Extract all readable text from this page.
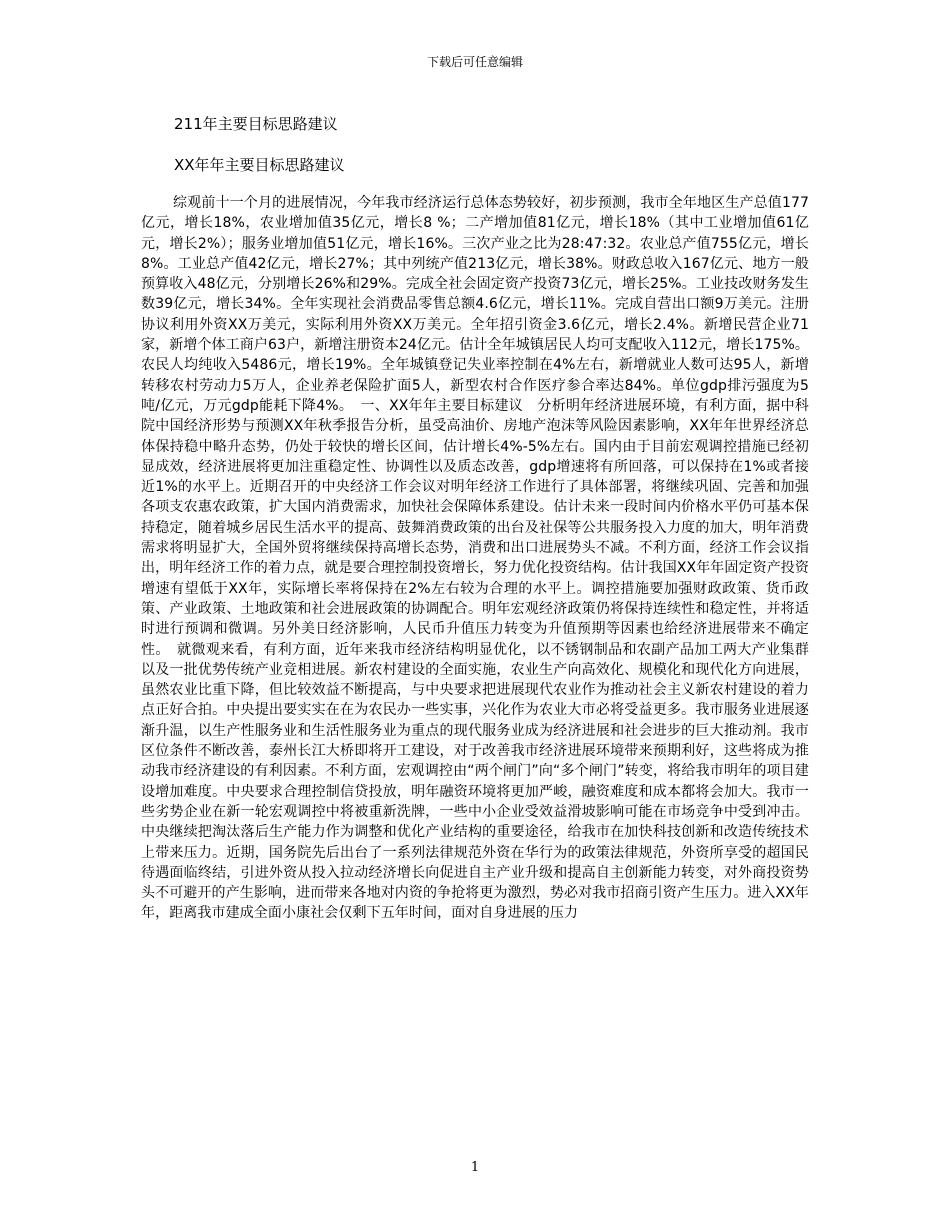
下载后可任意编辑
211年主要目标思路建议
XX年年主要目标思路建议

综观前十一个月的进展情况，今年我市经济运行总体态势较好，初步预测，我市全年地区生产总值177亿元，增长18%，农业增加值35亿元，增长8 %；二产增加值81亿元，增长18%（其中工业增加值61亿元，增长2%）；服务业增加值51亿元，增长16%。三次产业之比为28:47:32。农业总产值755亿元，增长8%。工业总产值42亿元，增长27%；其中列统产值213亿元，增长38%。财政总收入167亿元、地方一般预算收入48亿元，分别增长26%和29%。完成全社会固定资产投资73亿元，增长25%。工业技改财务发生数39亿元，增长34%。全年实现社会消费品零售总额4.6亿元，增长11%。完成自营出口额9万美元。注册协议利用外资XX万美元，实际利用外资XX万美元。全年招引资金3.6亿元，增长2.4%。新增民营企业71家，新增个体工商户63户，新增注册资本24亿元。估计全年城镇居民人均可支配收入112元，增长175%。农民人均纯收入5486元，增长19%。全年城镇登记失业率控制在4%左右，新增就业人数可达95人，新增转移农村劳动力5万人，企业养老保险扩面5人，新型农村合作医疗参合率达84%。单位gdp排污强度为5吨/亿元，万元gdp能耗下降4%。　一、XX年年主要目标建议　分析明年经济进展环境，有利方面，据中科院中国经济形势与预测XX年秋季报告分析，虽受高油价、房地产泡沫等风险因素影响，XX年年世界经济总体保持稳中略升态势，仍处于较快的增长区间，估计增长4%-5%左右。国内由于目前宏观调控措施已经初显成效，经济进展将更加注重稳定性、协调性以及质态改善，gdp增速将有所回落，可以保持在1%或者接近1%的水平上。近期召开的中央经济工作会议对明年经济工作进行了具体部署，将继续巩固、完善和加强各项支农惠农政策，扩大国内消费需求，加快社会保障体系建设。估计未来一段时间内价格水平仍可基本保持稳定，随着城乡居民生活水平的提高、鼓舞消费政策的出台及社保等公共服务投入力度的加大，明年消费需求将明显扩大，全国外贸将继续保持高增长态势，消费和出口进展势头不减。不利方面，经济工作会议指出，明年经济工作的着力点，就是要合理控制投资增长，努力优化投资结构。估计我国XX年年固定资产投资增速有望低于XX年，实际增长率将保持在2%左右较为合理的水平上。调控措施要加强财政政策、货币政策、产业政策、土地政策和社会进展政策的协调配合。明年宏观经济政策仍将保持连续性和稳定性，并将适时进行预调和微调。另外美日经济影响，人民币升值压力转变为升值预期等因素也给经济进展带来不确定性。　就微观来看，有利方面，近年来我市经济结构明显优化，以不锈钢制品和农副产品加工两大产业集群以及一批优势传统产业竞相进展。新农村建设的全面实施，农业生产向高效化、规模化和现代化方向进展，虽然农业比重下降，但比较效益不断提高，与中央要求把进展现代农业作为推动社会主义新农村建设的着力点正好合拍。中央提出要实实在在为农民办一些实事，兴化作为农业大市必将受益更多。我市服务业进展逐渐升温，以生产性服务业和生活性服务业为重点的现代服务业成为经济进展和社会进步的巨大推动剂。我市区位条件不断改善，泰州长江大桥即将开工建设，对于改善我市经济进展环境带来预期利好，这些将成为推动我市经济建设的有利因素。不利方面，宏观调控由“两个闸门”向“多个闸门”转变，将给我市明年的项目建设增加难度。中央要求合理控制信贷投放，明年融资环境将更加严峻，融资难度和成本都将会加大。我市一些劣势企业在新一轮宏观调控中将被重新洗牌，一些中小企业受效益滑坡影响可能在市场竞争中受到冲击。中央继续把淘汰落后生产能力作为调整和优化产业结构的重要途径，给我市在加快科技创新和改造传统技术上带来压力。近期，国务院先后出台了一系列法律规范外资在华行为的政策法律规范，外资所享受的超国民待遇面临终结，引进外资从投入拉动经济增长向促进自主产业升级和提高自主创新能力转变，对外商投资势头不可避开的产生影响，进而带来各地对内资的争抢将更为激烈，势必对我市招商引资产生压力。进入XX年年，距离我市建成全面小康社会仅剩下五年时间，面对自身进展的压力

1
